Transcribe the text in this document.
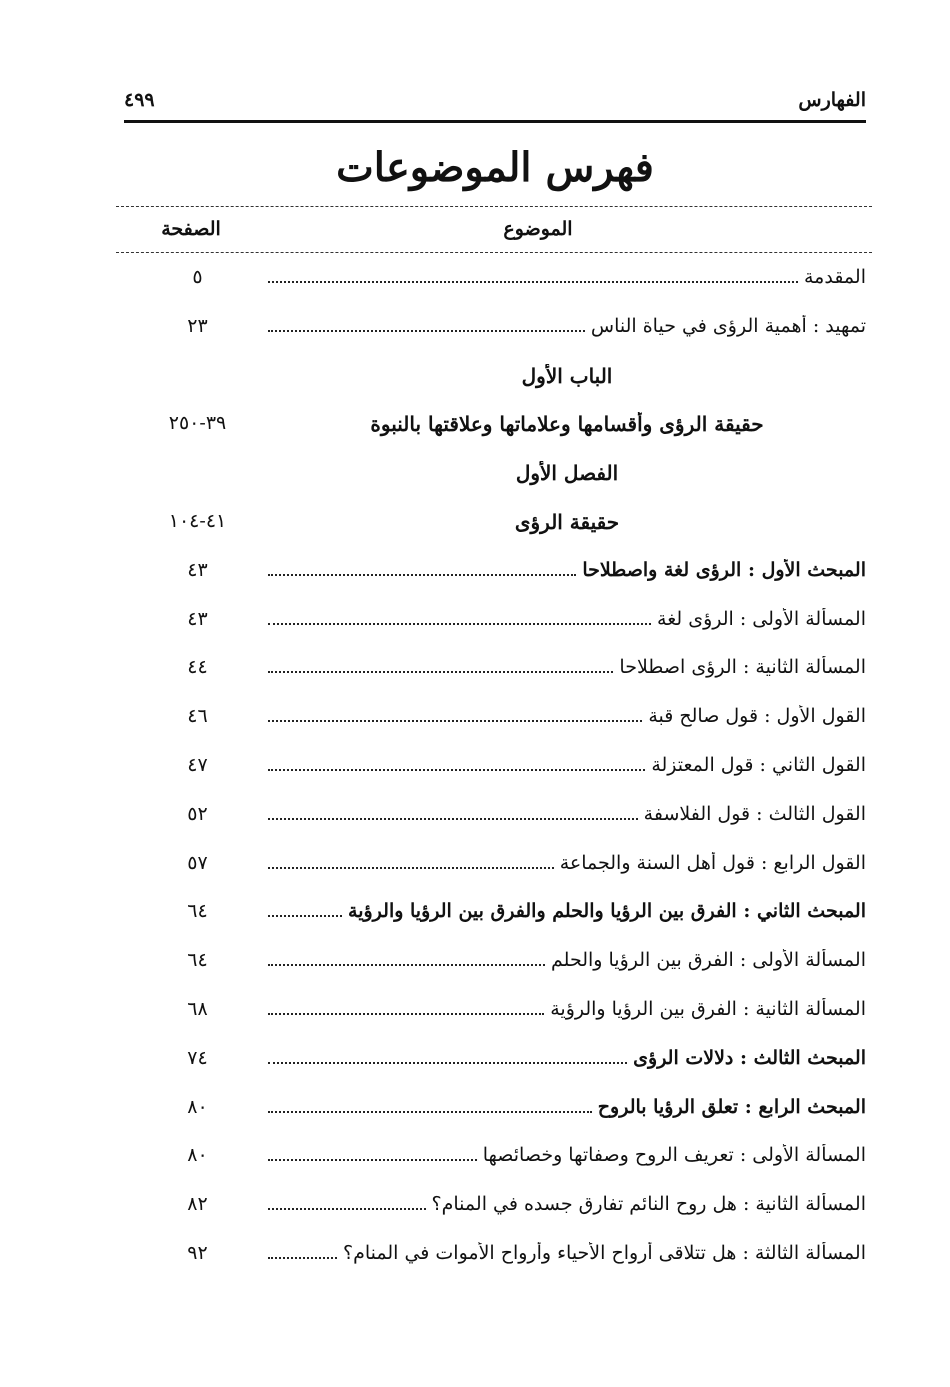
الفهارس
٤٩٩
فهرس الموضوعات
الموضوع
الصفحة
المقدمة
٥
تمهيد : أهمية الرؤى في حياة الناس
٢٣
الباب الأول
حقيقة الرؤى وأقسامها وعلاماتها وعلاقتها بالنبوة
٣٩-٢٥٠
الفصل الأول
حقيقة الرؤى
٤١-١٠٤
المبحث الأول : الرؤى لغة واصطلاحا
٤٣
المسألة الأولى : الرؤى لغة
٤٣
المسألة الثانية : الرؤى اصطلاحا
٤٤
القول الأول : قول صالح قبة
٤٦
القول الثاني : قول المعتزلة
٤٧
القول الثالث : قول الفلاسفة
٥٢
القول الرابع : قول أهل السنة والجماعة
٥٧
المبحث الثاني : الفرق بين الرؤيا والحلم والفرق بين الرؤيا والرؤية
٦٤
المسألة الأولى : الفرق بين الرؤيا والحلم
٦٤
المسألة الثانية : الفرق بين الرؤيا والرؤية
٦٨
المبحث الثالث : دلالات الرؤى
٧٤
المبحث الرابع : تعلق الرؤيا بالروح
٨٠
المسألة الأولى : تعريف الروح وصفاتها وخصائصها
٨٠
المسألة الثانية : هل روح النائم تفارق جسده في المنام؟
٨٢
المسألة الثالثة : هل تتلاقى أرواح الأحياء وأرواح الأموات في المنام؟
٩٢
